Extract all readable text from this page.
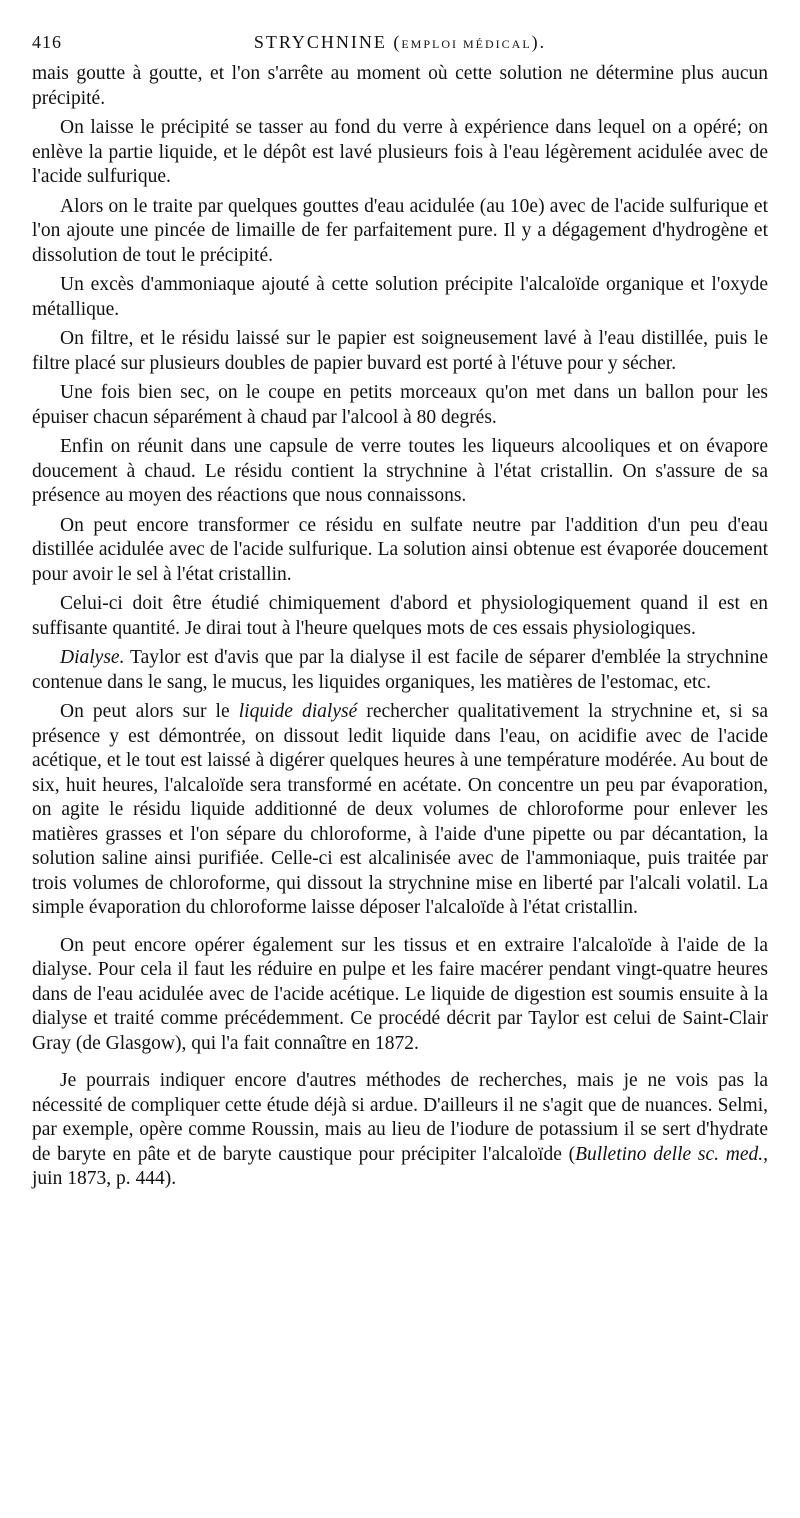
416	STRYCHNINE (EMPLOI MÉDICAL).

mais goutte à goutte, et l'on s'arrête au moment où cette solution ne détermine plus aucun précipité.

On laisse le précipité se tasser au fond du verre à expérience dans lequel on a opéré; on enlève la partie liquide, et le dépôt est lavé plusieurs fois à l'eau légèrement acidulée avec de l'acide sulfurique.

Alors on le traite par quelques gouttes d'eau acidulée (au 10e) avec de l'acide sulfurique et l'on ajoute une pincée de limaille de fer parfaitement pure. Il y a dégagement d'hydrogène et dissolution de tout le précipité.

Un excès d'ammoniaque ajouté à cette solution précipite l'alcaloïde organique et l'oxyde métallique.

On filtre, et le résidu laissé sur le papier est soigneusement lavé à l'eau distillée, puis le filtre placé sur plusieurs doubles de papier buvard est porté à l'étuve pour y sécher.

Une fois bien sec, on le coupe en petits morceaux qu'on met dans un ballon pour les épuiser chacun séparément à chaud par l'alcool à 80 degrés.

Enfin on réunit dans une capsule de verre toutes les liqueurs alcooliques et on évapore doucement à chaud. Le résidu contient la strychnine à l'état cristallin. On s'assure de sa présence au moyen des réactions que nous connaissons.

On peut encore transformer ce résidu en sulfate neutre par l'addition d'un peu d'eau distillée acidulée avec de l'acide sulfurique. La solution ainsi obtenue est évaporée doucement pour avoir le sel à l'état cristallin.

Celui-ci doit être étudié chimiquement d'abord et physiologiquement quand il est en suffisante quantité. Je dirai tout à l'heure quelques mots de ces essais physiologiques.

Dialyse. Taylor est d'avis que par la dialyse il est facile de séparer d'emblée la strychnine contenue dans le sang, le mucus, les liquides organiques, les matières de l'estomac, etc.

On peut alors sur le liquide dialysé rechercher qualitativement la strychnine et, si sa présence y est démontrée, on dissout ledit liquide dans l'eau, on acidifie avec de l'acide acétique, et le tout est laissé à digérer quelques heures à une température modérée. Au bout de six, huit heures, l'alcaloïde sera transformé en acétate. On concentre un peu par évaporation, on agite le résidu liquide additionné de deux volumes de chloroforme pour enlever les matières grasses et l'on sépare du chloroforme, à l'aide d'une pipette ou par décantation, la solution saline ainsi purifiée. Celle-ci est alcalinisée avec de l'ammoniaque, puis traitée par trois volumes de chloroforme, qui dissout la strychnine mise en liberté par l'alcali volatil. La simple évaporation du chloroforme laisse déposer l'alcaloïde à l'état cristallin.

On peut encore opérer également sur les tissus et en extraire l'alcaloïde à l'aide de la dialyse. Pour cela il faut les réduire en pulpe et les faire macérer pendant vingt-quatre heures dans de l'eau acidulée avec de l'acide acétique. Le liquide de digestion est soumis ensuite à la dialyse et traité comme précédemment. Ce procédé décrit par Taylor est celui de Saint-Clair Gray (de Glasgow), qui l'a fait connaître en 1872.

Je pourrais indiquer encore d'autres méthodes de recherches, mais je ne vois pas la nécessité de compliquer cette étude déjà si ardue. D'ailleurs il ne s'agit que de nuances. Selmi, par exemple, opère comme Roussin, mais au lieu de l'iodure de potassium il se sert d'hydrate de baryte en pâte et de baryte caustique pour précipiter l'alcaloïde (Bulletino delle sc. med., juin 1873, p. 444).
